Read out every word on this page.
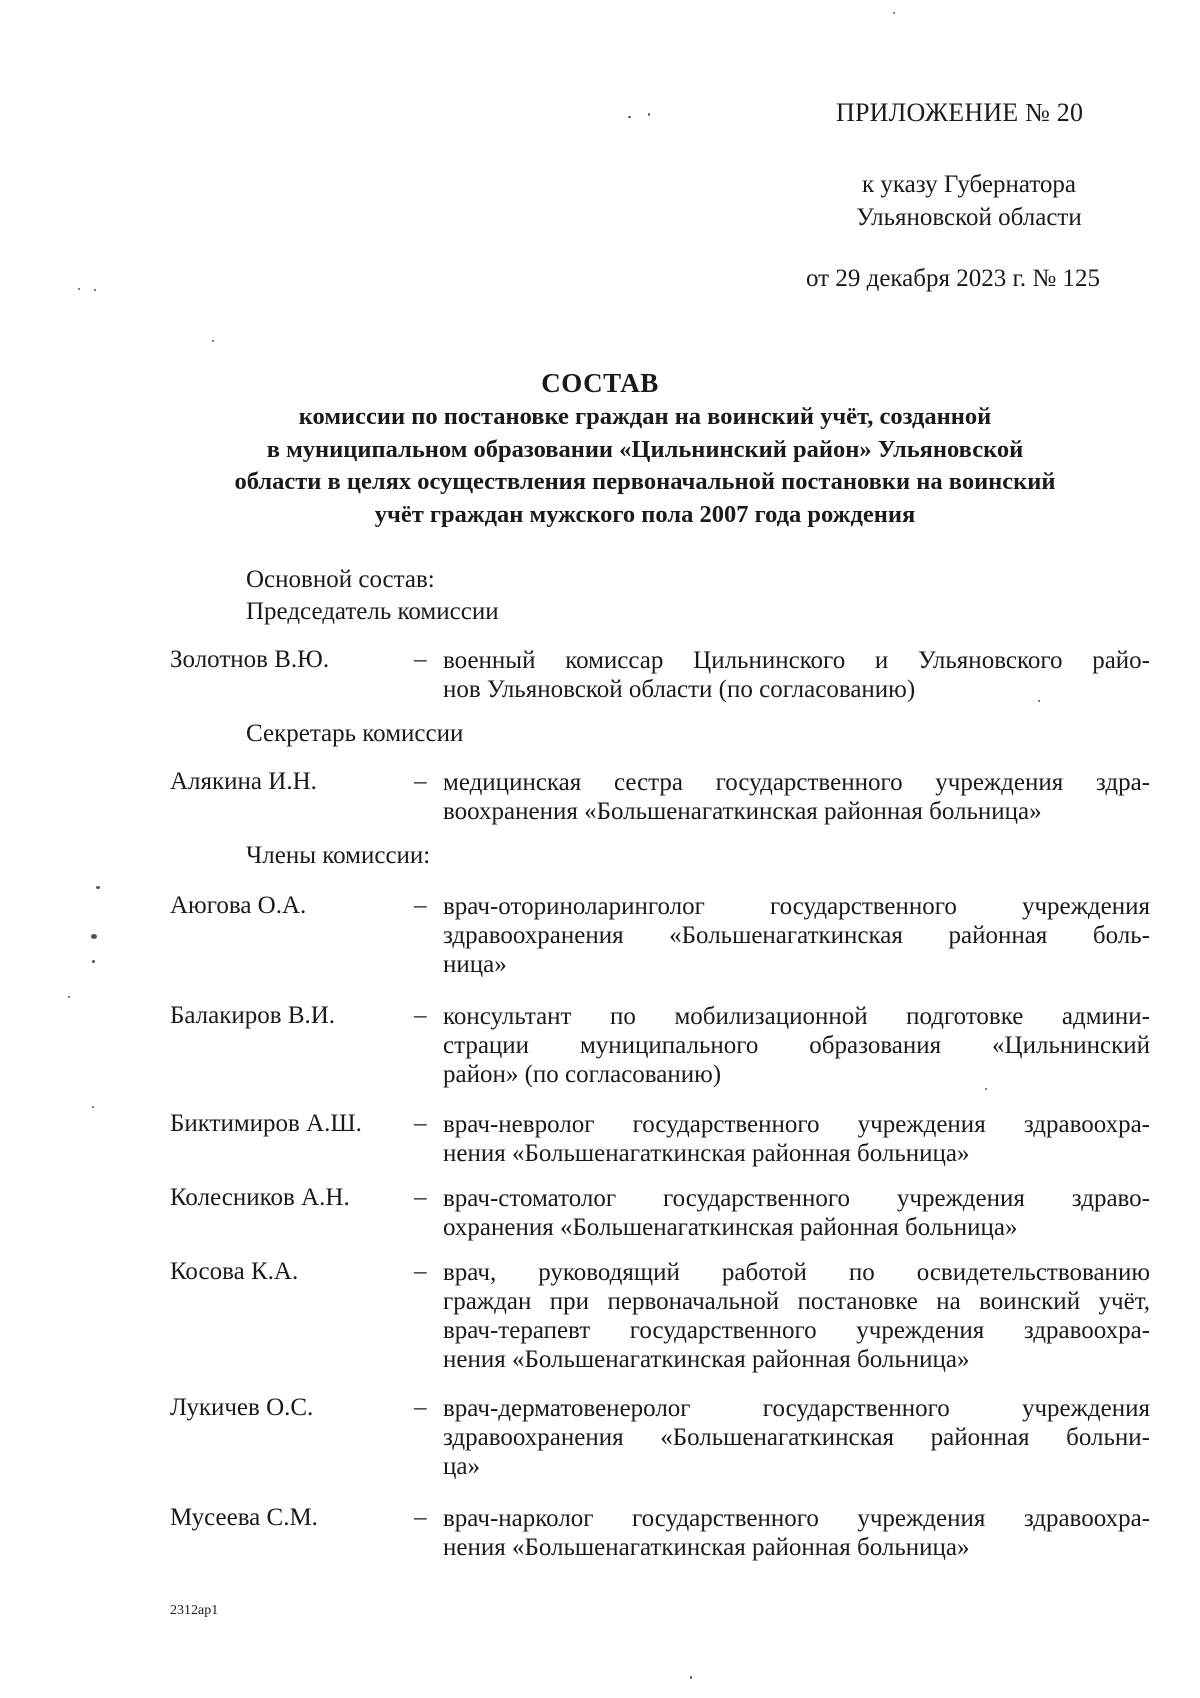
ПРИЛОЖЕНИЕ № 20
к указу Губернатора
Ульяновской области
от 29 декабря 2023 г. № 125
СОСТАВ
комиссии по постановке граждан на воинский учёт, созданной
в муниципальном образовании «Цильнинский район» Ульяновской
области в целях осуществления первоначальной постановки на воинский
учёт граждан мужского пола 2007 года рождения
Основной состав:
Председатель комиссии
Золотнов В.Ю.	– военный комиссар Цильнинского и Ульяновского райо-
нов Ульяновской области (по согласованию)
Секретарь комиссии
Алякина И.Н.	– медицинская сестра государственного учреждения здра-
воохранения «Большенагаткинская районная больница»
Члены комиссии:
Аюгова О.А.	– врач-оториноларинголог государственного учреждения
здравоохранения «Большенагаткинская районная боль-
ница»
Балакиров В.И.	– консультант по мобилизационной подготовке админи-
страции муниципального образования «Цильнинский
район» (по согласованию)
Биктимиров А.Ш. – врач-невролог государственного учреждения здравоохра-
нения «Большенагаткинская районная больница»
Колесников А.Н.	– врач-стоматолог государственного учреждения здраво-
охранения «Большенагаткинская районная больница»
Косова К.А.	– врач, руководящий работой по освидетельствованию
граждан при первоначальной постановке на воинский учёт,
врач-терапевт государственного учреждения здравоохра-
нения «Большенагаткинская районная больница»
Лукичев О.С.	– врач-дерматовенеролог государственного учреждения
здравоохранения «Большенагаткинская районная больни-
ца»
Мусеева С.М.	– врач-нарколог государственного учреждения здравоохра-
нения «Большенагаткинская районная больница»
2312ap1
